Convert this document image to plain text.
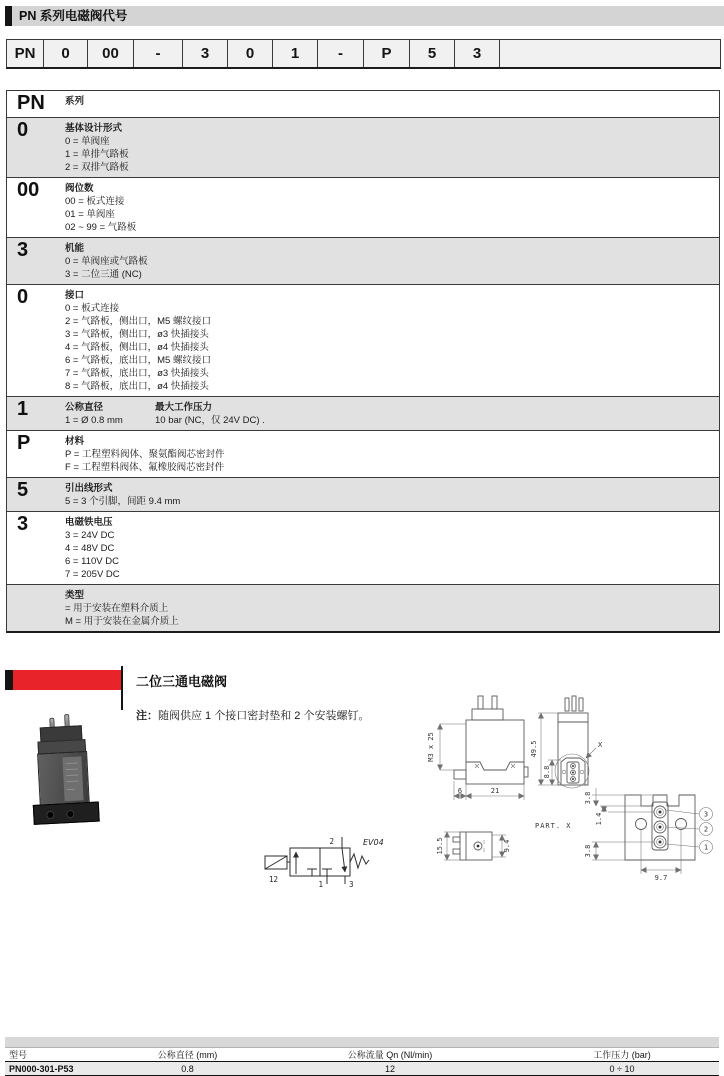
PN 系列电磁阀代号
PN	0	00	-	3	0	1	-	P	5	3
PN	系列
0	基体设计形式
0 = 单阀座
1 = 单排气路板
2 = 双排气路板
00	阀位数
00 = 板式连接
01 = 单阀座
02 ~ 99 = 气路板
3	机能
0 = 单阀座或气路板
3 = 二位三通 (NC)
0	接口
0 = 板式连接
2 = 气路板，侧出口，M5 螺纹接口
3 = 气路板，侧出口，ø3 快插接头
4 = 气路板，侧出口，ø4 快插接头
6 = 气路板，底出口，M5 螺纹接口
7 = 气路板，底出口，ø3 快插接头
8 = 气路板，底出口，ø4 快插接头
1	公称直径
1 = Ø 0.8 mm
最大工作压力
10 bar (NC，仅 24V DC) .
P	材料
P = 工程塑料阀体、聚氨酯阀芯密封件
F = 工程塑料阀体、氟橡胶阀芯密封件
5	引出线形式
5 = 3 个引脚，间距 9.4 mm
3	电磁铁电压
3 = 24V DC
4 = 48V DC
6 = 110V DC
7 = 205V DC
类型
= 用于安装在塑料介质上
M = 用于安装在金属介质上
二位三通电磁阀
注：随阀供应 1 个接口密封垫和 2 个安装螺钉。
EV04
2
12
1	3
M3 x 25
6	21
X
49.5
8.8
15.5	9.4
3
2
1
3.8
1.4
3.8
9.7
PART. X
型号	公称直径 (mm)	公称流量 Qn (Nl/min)	工作压力 (bar)
PN000-301-P53	0.8	12	0 ÷ 10
